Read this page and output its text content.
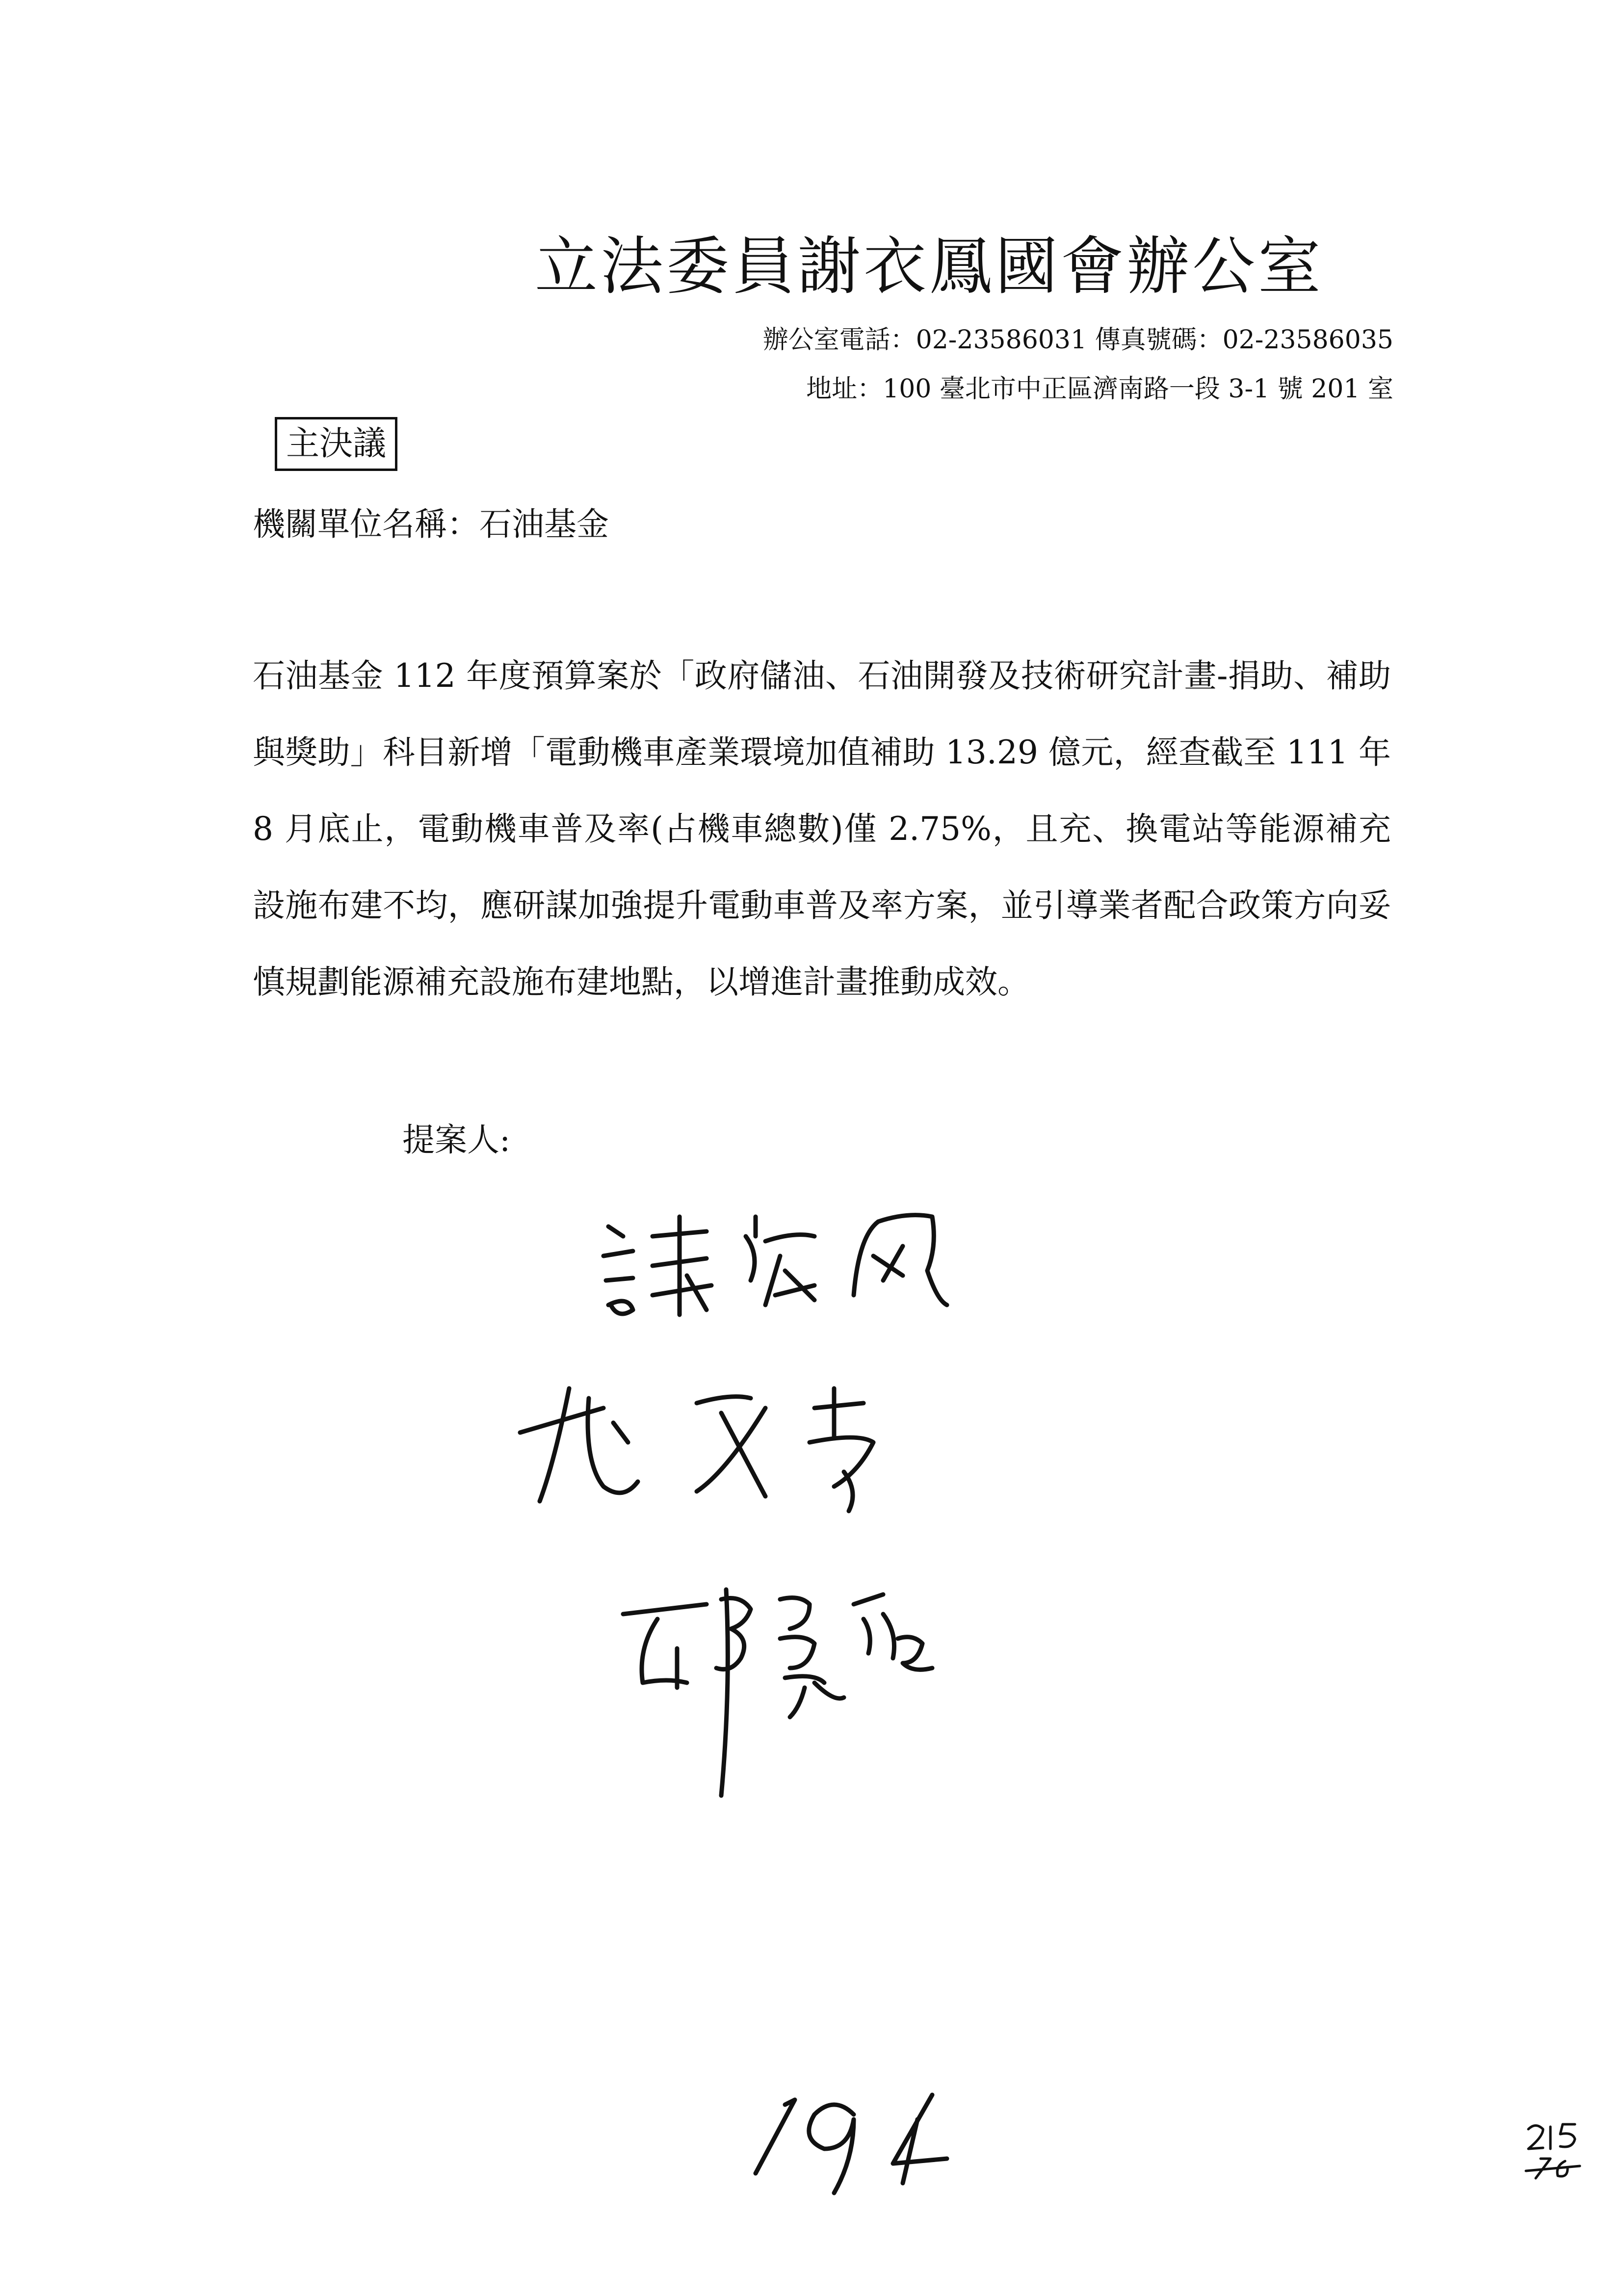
立法委員謝衣鳳國會辦公室
辦公室電話：02-23586031 傳真號碼：02-23586035
地址：100 臺北市中正區濟南路一段 3-1 號 201 室
主決議
機關單位名稱：石油基金
石油基金 112 年度預算案於「政府儲油、石油開發及技術研究計畫-捐助、補助與獎助」科目新增「電動機車產業環境加值補助 13.29 億元，經查截至 111 年 8 月底止，電動機車普及率(占機車總數)僅 2.75%，且充、換電站等能源補充設施布建不均，應研謀加強提升電動車普及率方案，並引導業者配合政策方向妥慎規劃能源補充設施布建地點，以增進計畫推動成效。
提案人:
